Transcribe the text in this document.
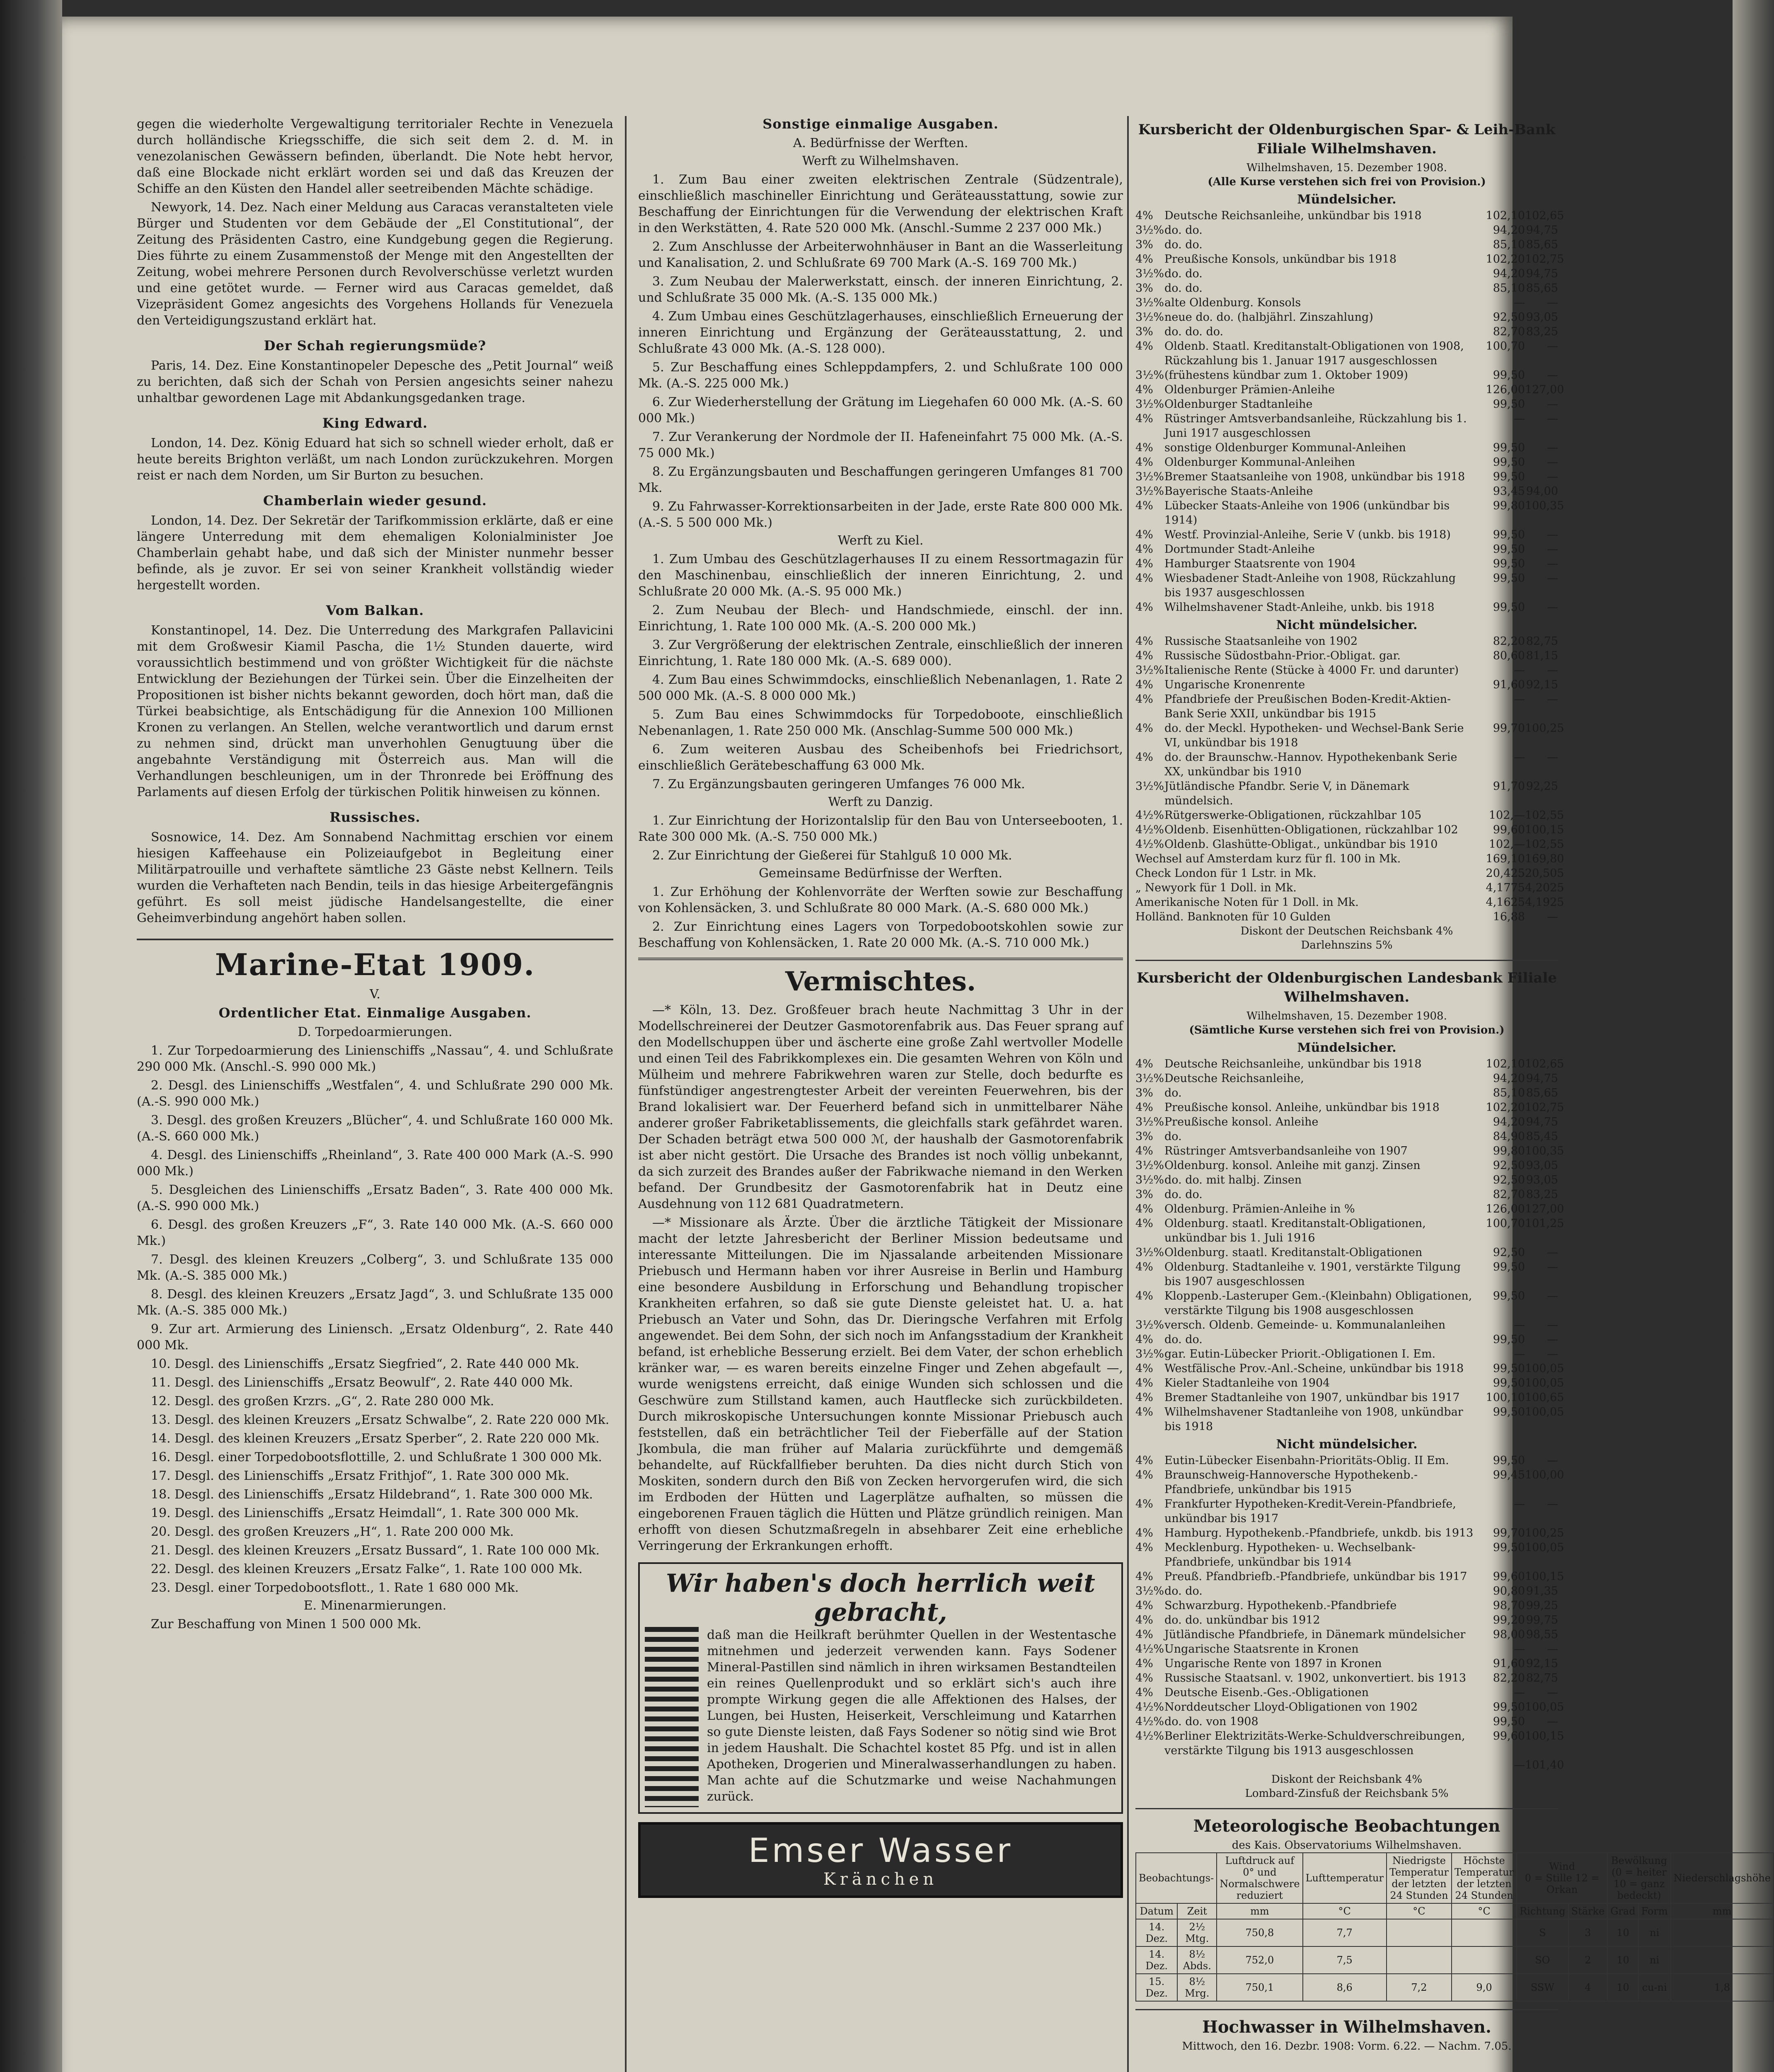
gegen die wiederholte Vergewaltigung territorialer Rechte in Venezuela durch holländische Kriegsschiffe, die sich seit dem 2. d. M. in venezolanischen Gewässern befinden, überlandt. Die Note hebt hervor, daß eine Blockade nicht erklärt worden sei und daß das Kreuzen der Schiffe an den Küsten den Handel aller seetreibenden Mächte schädige.

Newyork, 14. Dez. Nach einer Meldung aus Caracas veranstalteten viele Bürger und Studenten vor dem Gebäude der „El Constitutional“, der Zeitung des Präsidenten Castro, eine Kundgebung gegen die Regierung. Dies führte zu einem Zusammenstoß der Menge mit den Angestellten der Zeitung, wobei mehrere Personen durch Revolverschüsse verletzt wurden und eine getötet wurde. — Ferner wird aus Caracas gemeldet, daß Vizepräsident Gomez angesichts des Vorgehens Hollands für Venezuela den Verteidigungszustand erklärt hat.

Der Schah regierungsmüde?

Paris, 14. Dez. Eine Konstantinopeler Depesche des „Petit Journal“ weiß zu berichten, daß sich der Schah von Persien angesichts seiner nahezu unhaltbar gewordenen Lage mit Abdankungsgedanken trage.

King Edward.

London, 14. Dez. König Eduard hat sich so schnell wieder erholt, daß er heute bereits Brighton verläßt, um nach London zurückzukehren. Morgen reist er nach dem Norden, um Sir Burton zu besuchen.

Chamberlain wieder gesund.

London, 14. Dez. Der Sekretär der Tarifkommission erklärte, daß er eine längere Unterredung mit dem ehemaligen Kolonialminister Joe Chamberlain gehabt habe, und daß sich der Minister nunmehr besser befinde, als je zuvor. Er sei von seiner Krankheit vollständig wieder hergestellt worden.

Vom Balkan.

Konstantinopel, 14. Dez. Die Unterredung des Markgrafen Pallavicini mit dem Großwesir Kiamil Pascha, die 1½ Stunden dauerte, wird voraussichtlich bestimmend und von größter Wichtigkeit für die nächste Entwicklung der Beziehungen der Türkei sein. Über die Einzelheiten der Propositionen ist bisher nichts bekannt geworden, doch hört man, daß die Türkei beabsichtige, als Entschädigung für die Annexion 100 Millionen Kronen zu verlangen. An Stellen, welche verantwortlich und darum ernst zu nehmen sind, drückt man unverhohlen Genugtuung über die angebahnte Verständigung mit Österreich aus. Man will die Verhandlungen beschleunigen, um in der Thronrede bei Eröffnung des Parlaments auf diesen Erfolg der türkischen Politik hinweisen zu können.

Russisches.

Sosnowice, 14. Dez. Am Sonnabend Nachmittag erschien vor einem hiesigen Kaffeehause ein Polizeiaufgebot in Begleitung einer Militärpatrouille und verhaftete sämtliche 23 Gäste nebst Kellnern. Teils wurden die Verhafteten nach Bendin, teils in das hiesige Arbeitergefängnis geführt. Es soll meist jüdische Handelsangestellte, die einer Geheimverbindung angehört haben sollen.

Marine-Etat 1909.
V.
Ordentlicher Etat. Einmalige Ausgaben.
D. Torpedoarmierungen.

1. Zur Torpedoarmierung des Linienschiffs „Nassau“, 4. und Schlußrate 290 000 Mk. (Anschl.-S. 990 000 Mk.)

2. Desgl. des Linienschiffs „Westfalen“, 4. und Schlußrate 290 000 Mk. (A.-S. 990 000 Mk.)

3. Desgl. des großen Kreuzers „Blücher“, 4. und Schlußrate 160 000 Mk. (A.-S. 660 000 Mk.)

4. Desgl. des Linienschiffs „Rheinland“, 3. Rate 400 000 Mark (A.-S. 990 000 Mk.)

5. Desgleichen des Linienschiffs „Ersatz Baden“, 3. Rate 400 000 Mk. (A.-S. 990 000 Mk.)

6. Desgl. des großen Kreuzers „F“, 3. Rate 140 000 Mk. (A.-S. 660 000 Mk.)

7. Desgl. des kleinen Kreuzers „Colberg“, 3. und Schlußrate 135 000 Mk. (A.-S. 385 000 Mk.)

8. Desgl. des kleinen Kreuzers „Ersatz Jagd“, 3. und Schlußrate 135 000 Mk. (A.-S. 385 000 Mk.)

9. Zur art. Armierung des Liniensch. „Ersatz Oldenburg“, 2. Rate 440 000 Mk.

10. Desgl. des Linienschiffs „Ersatz Siegfried“, 2. Rate 440 000 Mk.

11. Desgl. des Linienschiffs „Ersatz Beowulf“, 2. Rate 440 000 Mk.

12. Desgl. des großen Krzrs. „G“, 2. Rate 280 000 Mk.

13. Desgl. des kleinen Kreuzers „Ersatz Schwalbe“, 2. Rate 220 000 Mk.

14. Desgl. des kleinen Kreuzers „Ersatz Sperber“, 2. Rate 220 000 Mk.

16. Desgl. einer Torpedobootsflottille, 2. und Schlußrate 1 300 000 Mk.

17. Desgl. des Linienschiffs „Ersatz Frithjof“, 1. Rate 300 000 Mk.

18. Desgl. des Linienschiffs „Ersatz Hildebrand“, 1. Rate 300 000 Mk.

19. Desgl. des Linienschiffs „Ersatz Heimdall“, 1. Rate 300 000 Mk.

20. Desgl. des großen Kreuzers „H“, 1. Rate 200 000 Mk.

21. Desgl. des kleinen Kreuzers „Ersatz Bussard“, 1. Rate 100 000 Mk.

22. Desgl. des kleinen Kreuzers „Ersatz Falke“, 1. Rate 100 000 Mk.

23. Desgl. einer Torpedobootsflott., 1. Rate 1 680 000 Mk.

E. Minenarmierungen.

Zur Beschaffung von Minen 1 500 000 Mk.

Sonstige einmalige Ausgaben.
A. Bedürfnisse der Werften.
Werft zu Wilhelmshaven.

1. Zum Bau einer zweiten elektrischen Zentrale (Südzentrale), einschließlich maschineller Einrichtung und Geräteausstattung, sowie zur Beschaffung der Einrichtungen für die Verwendung der elektrischen Kraft in den Werkstätten, 4. Rate 520 000 Mk. (Anschl.-Summe 2 237 000 Mk.)

2. Zum Anschlusse der Arbeiterwohnhäuser in Bant an die Wasserleitung und Kanalisation, 2. und Schlußrate 69 700 Mark (A.-S. 169 700 Mk.)

3. Zum Neubau der Malerwerkstatt, einsch. der inneren Einrichtung, 2. und Schlußrate 35 000 Mk. (A.-S. 135 000 Mk.)

4. Zum Umbau eines Geschützlagerhauses, einschließlich Erneuerung der inneren Einrichtung und Ergänzung der Geräteausstattung, 2. und Schlußrate 43 000 Mk. (A.-S. 128 000).

5. Zur Beschaffung eines Schleppdampfers, 2. und Schlußrate 100 000 Mk. (A.-S. 225 000 Mk.)

6. Zur Wiederherstellung der Grätung im Liegehafen 60 000 Mk. (A.-S. 60 000 Mk.)

7. Zur Verankerung der Nordmole der II. Hafeneinfahrt 75 000 Mk. (A.-S. 75 000 Mk.)

8. Zu Ergänzungsbauten und Beschaffungen geringeren Umfanges 81 700 Mk.

9. Zu Fahrwasser-Korrektionsarbeiten in der Jade, erste Rate 800 000 Mk. (A.-S. 5 500 000 Mk.)

Werft zu Kiel.

1. Zum Umbau des Geschützlagerhauses II zu einem Ressortmagazin für den Maschinenbau, einschließlich der inneren Einrichtung, 2. und Schlußrate 20 000 Mk. (A.-S. 95 000 Mk.)

2. Zum Neubau der Blech- und Handschmiede, einschl. der inn. Einrichtung, 1. Rate 100 000 Mk. (A.-S. 200 000 Mk.)

3. Zur Vergrößerung der elektrischen Zentrale, einschließlich der inneren Einrichtung, 1. Rate 180 000 Mk. (A.-S. 689 000).

4. Zum Bau eines Schwimmdocks, einschließlich Nebenanlagen, 1. Rate 2 500 000 Mk. (A.-S. 8 000 000 Mk.)

5. Zum Bau eines Schwimmdocks für Torpedoboote, einschließlich Nebenanlagen, 1. Rate 250 000 Mk. (Anschlag-Summe 500 000 Mk.)

6. Zum weiteren Ausbau des Scheibenhofs bei Friedrichsort, einschließlich Gerätebeschaffung 63 000 Mk.

7. Zu Ergänzungsbauten geringeren Umfanges 76 000 Mk.

Werft zu Danzig.

1. Zur Einrichtung der Horizontalslip für den Bau von Unterseebooten, 1. Rate 300 000 Mk. (A.-S. 750 000 Mk.)

2. Zur Einrichtung der Gießerei für Stahlguß 10 000 Mk.

Gemeinsame Bedürfnisse der Werften.

1. Zur Erhöhung der Kohlenvorräte der Werften sowie zur Beschaffung von Kohlensäcken, 3. und Schlußrate 80 000 Mark. (A.-S. 680 000 Mk.)

2. Zur Einrichtung eines Lagers von Torpedobootskohlen sowie zur Beschaffung von Kohlensäcken, 1. Rate 20 000 Mk. (A.-S. 710 000 Mk.)

Vermischtes.

—* Köln, 13. Dez. Großfeuer brach heute Nachmittag 3 Uhr in der Modellschreinerei der Deutzer Gasmotorenfabrik aus. Das Feuer sprang auf den Modellschuppen über und äscherte eine große Zahl wertvoller Modelle und einen Teil des Fabrikkomplexes ein. Die gesamten Wehren von Köln und Mülheim und mehrere Fabrikwehren waren zur Stelle, doch bedurfte es fünfstündiger angestrengtester Arbeit der vereinten Feuerwehren, bis der Brand lokalisiert war. Der Feuerherd befand sich in unmittelbarer Nähe anderer großer Fabriketablissements, die gleichfalls stark gefährdet waren. Der Schaden beträgt etwa 500 000 ℳ, der haushalb der Gasmotorenfabrik ist aber nicht gestört. Die Ursache des Brandes ist noch völlig unbekannt, da sich zurzeit des Brandes außer der Fabrikwache niemand in den Werken befand. Der Grundbesitz der Gasmotorenfabrik hat in Deutz eine Ausdehnung von 112 681 Quadratmetern.

—* Missionare als Ärzte. Über die ärztliche Tätigkeit der Missionare macht der letzte Jahresbericht der Berliner Mission bedeutsame und interessante Mitteilungen. Die im Njassalande arbeitenden Missionare Priebusch und Hermann haben vor ihrer Ausreise in Berlin und Hamburg eine besondere Ausbildung in Erforschung und Behandlung tropischer Krankheiten erfahren, so daß sie gute Dienste geleistet hat. U. a. hat Priebusch an Vater und Sohn, das Dr. Dieringsche Verfahren mit Erfolg angewendet. Bei dem Sohn, der sich noch im Anfangsstadium der Krankheit befand, ist erhebliche Besserung erzielt. Bei dem Vater, der schon erheblich kränker war, — es waren bereits einzelne Finger und Zehen abgefault —, wurde wenigstens erreicht, daß einige Wunden sich schlossen und die Geschwüre zum Stillstand kamen, auch Hautflecke sich zurückbildeten. Durch mikroskopische Untersuchungen konnte Missionar Priebusch auch feststellen, daß ein beträchtlicher Teil der Fieberfälle auf der Station Jkombula, die man früher auf Malaria zurückführte und demgemäß behandelte, auf Rückfallfieber beruhten. Da dies nicht durch Stich von Moskiten, sondern durch den Biß von Zecken hervorgerufen wird, die sich im Erdboden der Hütten und Lagerplätze aufhalten, so müssen die eingeborenen Frauen täglich die Hütten und Plätze gründlich reinigen. Man erhofft von diesen Schutzmaßregeln in absehbarer Zeit eine erhebliche Verringerung der Erkrankungen erhofft.

Wir haben's doch herrlich weit gebracht,

daß man die Heilkraft berühmter Quellen in der Westentasche mitnehmen und jederzeit verwenden kann. Fays Sodener Mineral-Pastillen sind nämlich in ihren wirksamen Bestandteilen ein reines Quellenprodukt und so erklärt sich's auch ihre prompte Wirkung gegen die alle Affektionen des Halses, der Lungen, bei Husten, Heiserkeit, Verschleimung und Katarrhen so gute Dienste leisten, daß Fays Sodener so nötig sind wie Brot in jedem Haushalt. Die Schachtel kostet 85 Pfg. und ist in allen Apotheken, Drogerien und Mineralwasserhandlungen zu haben. Man achte auf die Schutzmarke und weise Nachahmungen zurück.

Emser Wasser
Kränchen
Kursbericht der Oldenburgischen Spar- & Leih-Bank Filiale Wilhelmshaven.
Wilhelmshaven, 15. Dezember 1908.
(Alle Kurse verstehen sich frei von Provision.)
Mündelsicher.
4%	Deutsche Reichsanleihe, unkündbar bis 1918	102,10 102,65
3½% do. do.	94,20 94,75
3%	do. do.	85,10 85,65
4%	Preußische Konsols, unkündbar bis 1918	102,20 102,75
3½% do. do.	94,20 94,75
3%	do. do.	85,10 85,65
3½% alte Oldenburg. Konsols	—	—
3½% neue do. do. (halbjährl. Zinszahlung)	92,50 93,05
3%	do. do. do.	82,70 83,25
4%	Oldenb. Staatl. Kreditanstalt-Obligationen von 1908, Rückzahlung bis 1. Januar 1917 ausgeschlossen
100,70	—
3½% (frühestens kündbar zum 1. Oktober 1909)	99,50	—
4%	Oldenburger Prämien-Anleihe	126,00 127,00
3½% Oldenburger Stadtanleihe	99,50	—
4%	Rüstringer Amtsverbandsanleihe, Rückzahlung bis 1. Juni 1917 ausgeschlossen
—	—
4%	sonstige Oldenburger Kommunal-Anleihen	99,50	—
4%	Oldenburger Kommunal-Anleihen	99,50	—
3½% Bremer Staatsanleihe von 1908, unkündbar bis 1918	99,50	—
3½% Bayerische Staats-Anleihe	93,45 94,00
4%	Lübecker Staats-Anleihe von 1906 (unkündbar bis 1914)
99,80 100,35
4%	Westf. Provinzial-Anleihe, Serie V (unkb. bis 1918)	99,50	—
4%	Dortmunder Stadt-Anleihe	99,50	—
4%	Hamburger Staatsrente von 1904	99,50	—
4%	Wiesbadener Stadt-Anleihe von 1908, Rückzahlung bis 1937 ausgeschlossen
99,50	—
4%	Wilhelmshavener Stadt-Anleihe, unkb. bis 1918	99,50	—
Nicht mündelsicher.
4%	Russische Staatsanleihe von 1902	82,20 82,75
4%	Russische Südostbahn-Prior.-Obligat. gar.	80,60 81,15
3½% Italienische Rente (Stücke à 4000 Fr. und darunter)	—	—
4%	Ungarische Kronenrente	91,60 92,15
4%	Pfandbriefe der Preußischen Boden-Kredit-Aktien-Bank Serie XXII, unkündbar bis 1915
—	—
4%	do. der Meckl. Hypotheken- und Wechsel-Bank Serie VI, unkündbar bis 1918
99,70 100,25
4%	do. der Braunschw.-Hannov. Hypothekenbank Serie XX, unkündbar bis 1910
—	—
3½% Jütländische Pfandbr. Serie V, in Dänemark mündelsich.
91,70 92,25
4½% Rütgerswerke-Obligationen, rückzahlbar 105	102,— 102,55
4½% Oldenb. Eisenhütten-Obligationen, rückzahlbar 102	99,60 100,15
4½% Oldenb. Glashütte-Obligat., unkündbar bis 1910	102,— 102,55
Wechsel auf Amsterdam kurz für fl. 100 in Mk.	169,10 169,80
Check London für 1 Lstr. in Mk.	20,425 20,505
„ Newyork für 1 Doll. in Mk.	4,1775 4,2025
Amerikanische Noten für 1 Doll. in Mk.	4,1625 4,1925
Holländ. Banknoten für 10 Gulden	16,88	—
Diskont der Deutschen Reichsbank 4%
Darlehnszins 5%
Kursbericht der Oldenburgischen Landesbank Filiale Wilhelmshaven.
Wilhelmshaven, 15. Dezember 1908.
(Sämtliche Kurse verstehen sich frei von Provision.)
Mündelsicher.
4%	Deutsche Reichsanleihe, unkündbar bis 1918	102,10 102,65
3½% Deutsche Reichsanleihe,	94,20 94,75
3%	do.	85,10 85,65
4%	Preußische konsol. Anleihe, unkündbar bis 1918	102,20 102,75
3½% Preußische konsol. Anleihe	94,20 94,75
3%	do.	84,90 85,45
4%	Rüstringer Amtsverbandsanleihe von 1907	99,80 100,35
3½% Oldenburg. konsol. Anleihe mit ganzj. Zinsen	92,50 93,05
3½% do. do. mit halbj. Zinsen	92,50 93,05
3%	do. do.	82,70 83,25
4%	Oldenburg. Prämien-Anleihe in %	126,00 127,00
4%	Oldenburg. staatl. Kreditanstalt-Obligationen, unkündbar bis 1. Juli 1916
100,70 101,25
3½% Oldenburg. staatl. Kreditanstalt-Obligationen	92,50	—
4%	Oldenburg. Stadtanleihe v. 1901, verstärkte Tilgung bis 1907 ausgeschlossen
99,50	—
4%	Kloppenb.-Lasteruper Gem.-(Kleinbahn) Obligationen, verstärkte Tilgung bis 1908 ausgeschlossen
99,50	—
3½% versch. Oldenb. Gemeinde- u. Kommunalanleihen	—	—
4%	do. do.	99,50	—
3½% gar. Eutin-Lübecker Priorit.-Obligationen I. Em.	—	—
4%	Westfälische Prov.-Anl.-Scheine, unkündbar bis 1918	99,50 100,05
4%	Kieler Stadtanleihe von 1904	99,50 100,05
4%	Bremer Stadtanleihe von 1907, unkündbar bis 1917	100,10 100,65
4%	Wilhelmshavener Stadtanleihe von 1908, unkündbar bis 1918
99,50 100,05
Nicht mündelsicher.
4%	Eutin-Lübecker Eisenbahn-Prioritäts-Oblig. II Em.	99,50	—
4%	Braunschweig-Hannoversche Hypothekenb.-Pfandbriefe, unkündbar bis 1915
99,45 100,00
4%	Frankfurter Hypotheken-Kredit-Verein-Pfandbriefe, unkündbar bis 1917
—	—
4%	Hamburg. Hypothekenb.-Pfandbriefe, unkdb. bis 1913	99,70 100,25
4%	Mecklenburg. Hypotheken- u. Wechselbank-Pfandbriefe, unkündbar bis 1914
99,50 100,05
4%	Preuß. Pfandbriefb.-Pfandbriefe, unkündbar bis 1917	99,60 100,15
3½% do. do.	90,80 91,35
4%	Schwarzburg. Hypothekenb.-Pfandbriefe	98,70 99,25
4%	do. do. unkündbar bis 1912	99,20 99,75
4%	Jütländische Pfandbriefe, in Dänemark mündelsicher	98,00 98,55
4½% Ungarische Staatsrente in Kronen	—	—
4%	Ungarische Rente von 1897 in Kronen	91,60 92,15
4%	Russische Staatsanl. v. 1902, unkonvertiert. bis 1913	82,20 82,75
4%	Deutsche Eisenb.-Ges.-Obligationen	—	—
4½% Norddeutscher Lloyd-Obligationen von 1902	99,50 100,05
4½% do. do. von 1908	99,50	—
4½% Berliner Elektrizitäts-Werke-Schuldverschreibungen, verstärkte Tilgung bis 1913 ausgeschlossen
99,60 100,15
— 101,40
Diskont der Reichsbank 4%
Lombard-Zinsfuß der Reichsbank 5%
Meteorologische Beobachtungen
des Kais. Observatoriums Wilhelmshaven.
Beobachtungs-		Luftdruck auf 0° und Normalschwere reduziert	Lufttemperatur	Niedrigste Temperatur der letzten 24 Stunden	Höchste Temperatur der letzten 24 Stunden	Wind
0 = Stille 12 = Orkan		Bewölkung
(0 = heiter 10 = ganz bedeckt)		Niederschlagshöhe
Datum	Zeit	mm	°C	°C	°C	Richtung	Stärke	Grad	Form	mm
14. Dez.	2½ Mtg.	750,8	7,7			S	3	10	ni	
14. Dez.	8½ Abds.	752,0	7,5			SO	2	10	ni	
15. Dez.	8½ Mrg.	750,1	8,6	7,2	9,0	SSW	4	10	cu-ni	1,8
Hochwasser in Wilhelmshaven.
Mittwoch, den 16. Dezbr. 1908: Vorm. 6.22. — Nachm. 7.05.
